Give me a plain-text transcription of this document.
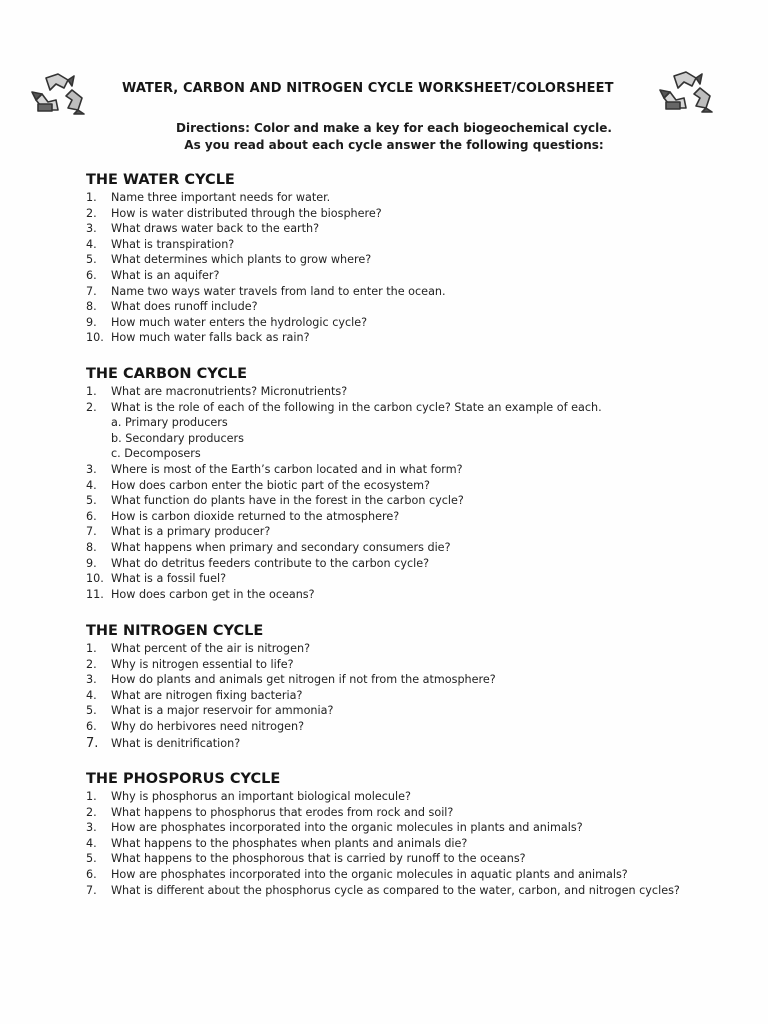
WATER, CARBON AND NITROGEN CYCLE WORKSHEET/COLORSHEET
Directions: Color and make a key for each biogeochemical cycle.
As you read about each cycle answer the following questions:
THE WATER CYCLE
1.	Name three important needs for water.
2.	How is water distributed through the biosphere?
3.	What draws water back to the earth?
4.	What is transpiration?
5.	What determines which plants to grow where?
6.	What is an aquifer?
7.	Name two ways water travels from land to enter the ocean.
8.	What does runoff include?
9.	How much water enters the hydrologic cycle?
10. How much water falls back as rain?
THE CARBON CYCLE
1.	What are macronutrients? Micronutrients?
2.	What is the role of each of the following in the carbon cycle? State an example of each.
a. Primary producers
b. Secondary producers
c. Decomposers
3.	Where is most of the Earth’s carbon located and in what form?
4.	How does carbon enter the biotic part of the ecosystem?
5.	What function do plants have in the forest in the carbon cycle?
6.	How is carbon dioxide returned to the atmosphere?
7.	What is a primary producer?
8.	What happens when primary and secondary consumers die?
9.	What do detritus feeders contribute to the carbon cycle?
10. What is a fossil fuel?
11. How does carbon get in the oceans?
THE NITROGEN CYCLE
1.	What percent of the air is nitrogen?
2.	Why is nitrogen essential to life?
3.	How do plants and animals get nitrogen if not from the atmosphere?
4.	What are nitrogen fixing bacteria?
5.	What is a major reservoir for ammonia?
6.	Why do herbivores need nitrogen?
7.	What is denitrification?
THE PHOSPORUS CYCLE
1.	Why is phosphorus an important biological molecule?
2.	What happens to phosphorus that erodes from rock and soil?
3.	How are phosphates incorporated into the organic molecules in plants and animals?
4.	What happens to the phosphates when plants and animals die?
5.	What happens to the phosphorous that is carried by runoff to the oceans?
6.	How are phosphates incorporated into the organic molecules in aquatic plants and animals?
7.	What is different about the phosphorus cycle as compared to the water, carbon, and nitrogen cycles?
